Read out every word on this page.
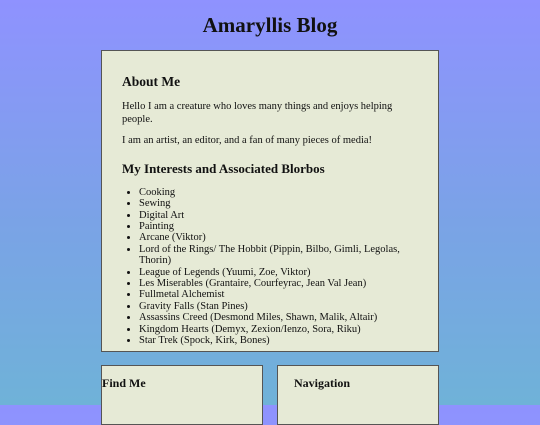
Amaryllis Blog
About Me

Hello I am a creature who loves many things and enjoys helping people.

I am an artist, an editor, and a fan of many pieces of media!

My Interests and Associated Blorbos
• Cooking
• Sewing
• Digital Art
• Painting
• Arcane (Viktor)
• Lord of the Rings/ The Hobbit (Pippin, Bilbo, Gimli, Legolas, Thorin)
• League of Legends (Yuumi, Zoe, Viktor)
• Les Miserables (Grantaire, Courfeyrac, Jean Val Jean)
• Fullmetal Alchemist
• Gravity Falls (Stan Pines)
• Assassins Creed (Desmond Miles, Shawn, Malik, Altair)
• Kingdom Hearts (Demyx, Zexion/Ienzo, Sora, Riku)
• Star Trek (Spock, Kirk, Bones)
Find Me	Navigation
